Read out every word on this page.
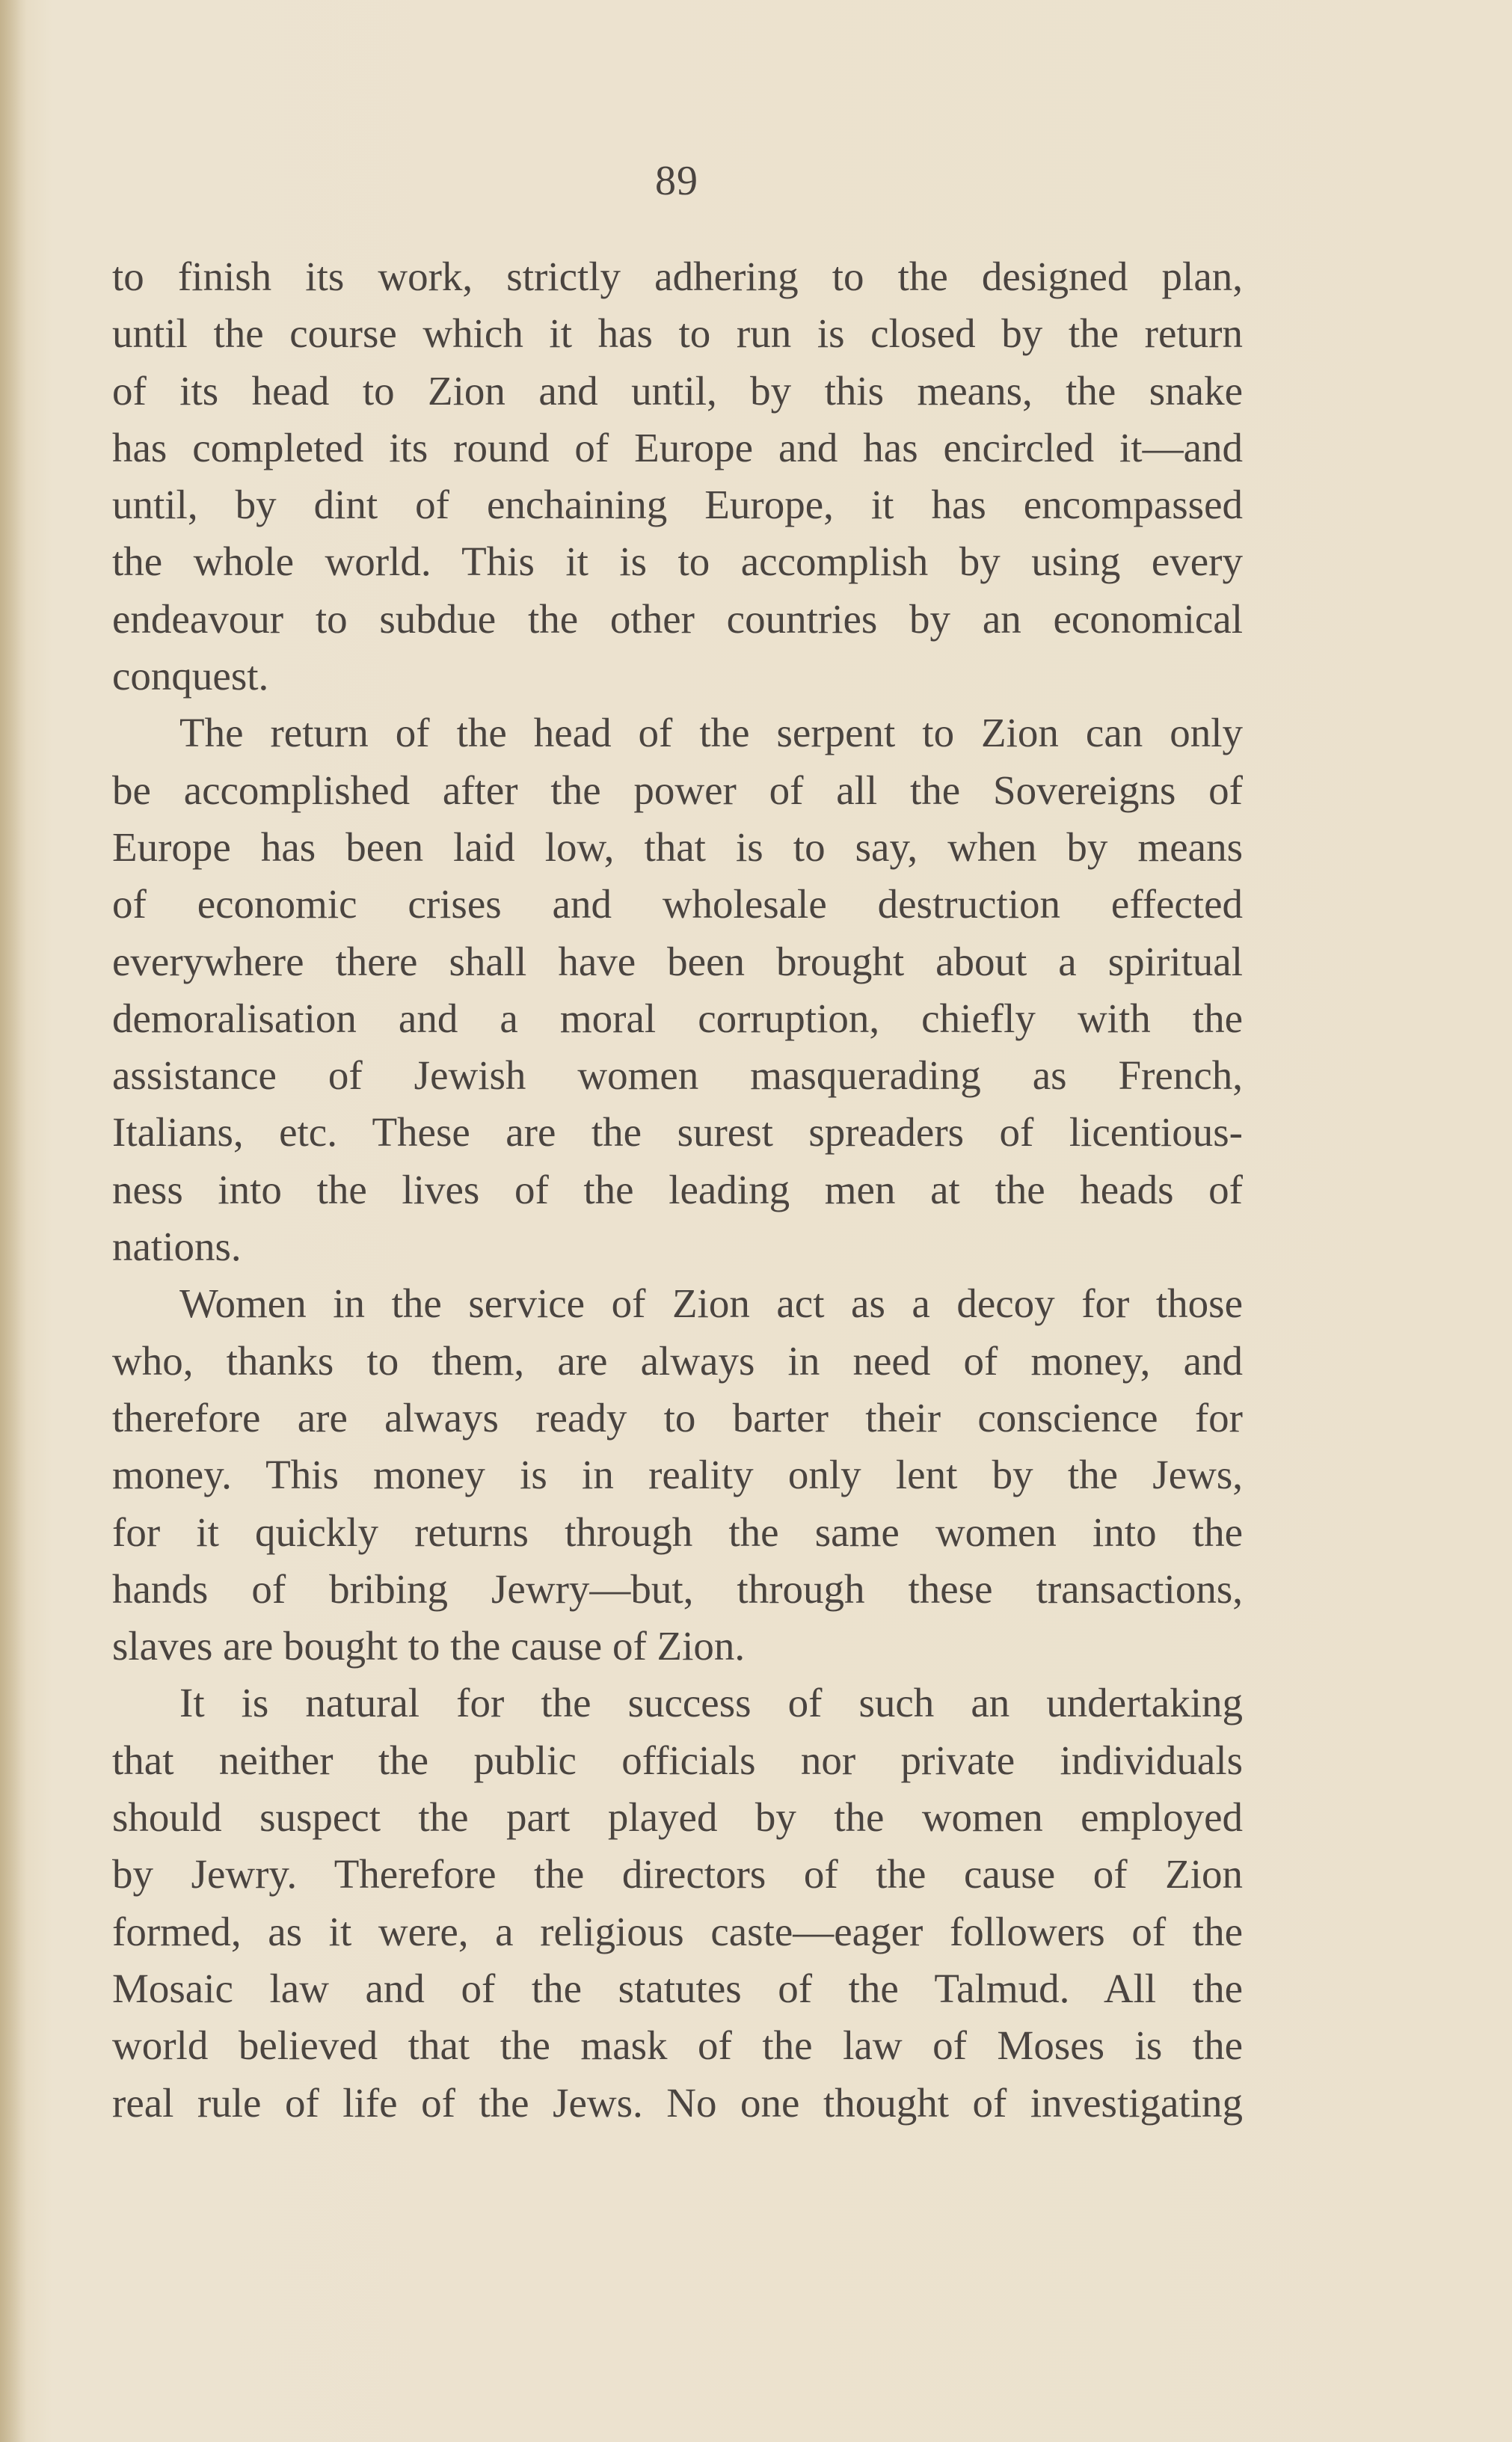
89
to finish its work, strictly adhering to the designed plan,
until the course which it has to run is closed by the return
of its head to Zion and until, by this means, the snake
has completed its round of Europe and has encircled it—and
until, by dint of enchaining Europe, it has encompassed
the whole world. This it is to accomplish by using every
endeavour to subdue the other countries by an economical
conquest.
The return of the head of the serpent to Zion can only
be accomplished after the power of all the Sovereigns of
Europe has been laid low, that is to say, when by means
of economic crises and wholesale destruction effected
everywhere there shall have been brought about a spiritual
demoralisation and a moral corruption, chiefly with the
assistance of Jewish women masquerading as French,
Italians, etc. These are the surest spreaders of licentious-
ness into the lives of the leading men at the heads of
nations.
Women in the service of Zion act as a decoy for those
who, thanks to them, are always in need of money, and
therefore are always ready to barter their conscience for
money. This money is in reality only lent by the Jews,
for it quickly returns through the same women into the
hands of bribing Jewry—but, through these transactions,
slaves are bought to the cause of Zion.
It is natural for the success of such an undertaking
that neither the public officials nor private individuals
should suspect the part played by the women employed
by Jewry. Therefore the directors of the cause of Zion
formed, as it were, a religious caste—eager followers of the
Mosaic law and of the statutes of the Talmud. All the
world believed that the mask of the law of Moses is the
real rule of life of the Jews. No one thought of investigating
